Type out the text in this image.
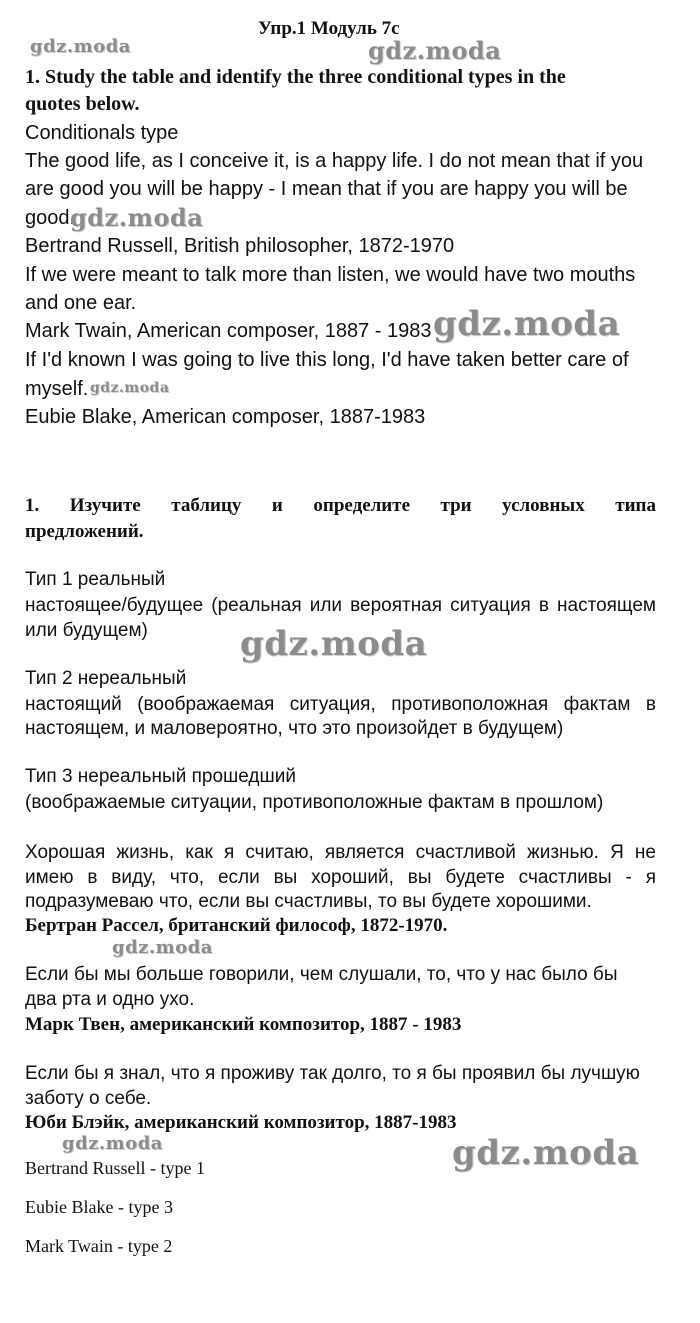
Упр.1 Модуль 7с
1. Study the table and identify the three conditional types in the
quotes below.
Conditionals type
The good life, as I conceive it, is a happy life. I do not mean that if you
are good you will be happy - I mean that if you are happy you will be
good.
Bertrand Russell, British philosopher, 1872-1970
If we were meant to talk more than listen, we would have two mouths
and one ear.
Mark Twain, American composer, 1887 - 1983
If I'd known I was going to live this long, I'd have taken better care of
myself.
Eubie Blake, American composer, 1887-1983
1. Изучите таблицу и определите три условных типа
предложений.
Тип 1 реальный
настоящее/будущее (реальная или вероятная ситуация в настоящем
или будущем)
Тип 2 нереальный
настоящий (воображаемая ситуация, противоположная фактам в
настоящем, и маловероятно, что это произойдет в будущем)
Тип 3 нереальный прошедший
(воображаемые ситуации, противоположные фактам в прошлом)
Хорошая жизнь, как я считаю, является счастливой жизнью. Я не
имею в виду, что, если вы хороший, вы будете счастливы - я
подразумеваю что, если вы счастливы, то вы будете хорошими.
Бертран Рассел, британский философ, 1872-1970.
Если бы мы больше говорили, чем слушали, то, что у нас было бы
два рта и одно ухо.
Марк Твен, американский композитор, 1887 - 1983
Если бы я знал, что я проживу так долго, то я бы проявил бы лучшую
заботу о себе.
Юби Блэйк, американский композитор, 1887-1983
Bertrand Russell - type 1
Eubie Blake - type 3
Mark Twain - type 2
gdz.moda	gdz.moda
gdz.moda
gdz.moda
gdz.moda
gdz.moda
gdz.moda
gdz.moda	gdz.moda
